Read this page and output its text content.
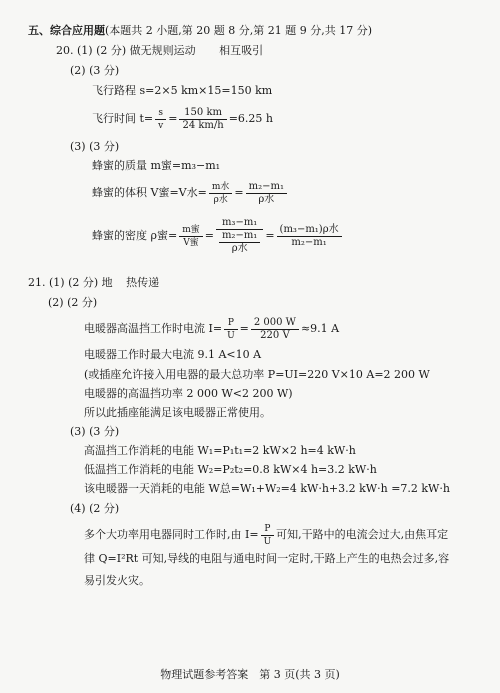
五、综合应用题(本题共 2 小题,第 20 题 8 分,第 21 题 9 分,共 17 分)
20. (1) (2 分) 做无规则运动 相互吸引
(2) (3 分)
飞行路程 s=2×5 km×15=150 km
飞行时间 $t= \frac{s}{v} = \frac{150 km}{24 km/h} =6.25$ h
(3) (3 分)
蜂蜜的质量 m蜜=m₃−m₁
蜂蜜的体积 V蜜=V水= $\frac{\text{m水}}{\text{ρ水}} = \frac{\text{m₂−m₁}}{\text{ρ水}}$
蜂蜜的密度 ρ蜜= $\frac{\text{m蜜}}{\text{V蜜}} = \frac{\text{m₃−m₁}}{\frac{\text{m₂−m₁}}{\text{ρ水}}} = \frac{\text{(m₃−m₁)ρ水}}{\text{m₂−m₁}}$
21. (1) (2 分) 地 热传递
(2) (2 分)
电暖器高温挡工作时电流 $I= \frac{P}{U} = \frac{2 000 W}{220 V} \approx 9.1$ A
电暖器工作时最大电流 9.1 A<10 A
(或插座允许接入用电器的最大总功率 P=UI=220 V×10 A=2 200 W
电暖器的高温挡功率 2 000 W<2 200 W)
所以此插座能满足该电暖器正常使用。
(3) (3 分)
高温挡工作消耗的电能 W₁=P₁t₁=2 kW×2 h=4 kW·h
低温挡工作消耗的电能 W₂=P₂t₂=0.8 kW×4 h=3.2 kW·h
该电暖器一天消耗的电能 W总=W₁+W₂=4 kW·h+3.2 kW·h =7.2 kW·h
(4) (2 分)
多个大功率用电器同时工作时,由 $I= \frac{P}{U}$ 可知,干路中的电流会过大,由焦耳定
律 Q=I²Rt 可知,导线的电阻与通电时间一定时,干路上产生的电热会过多,容
易引发火灾。
物理试题参考答案　第 3 页(共 3 页)
